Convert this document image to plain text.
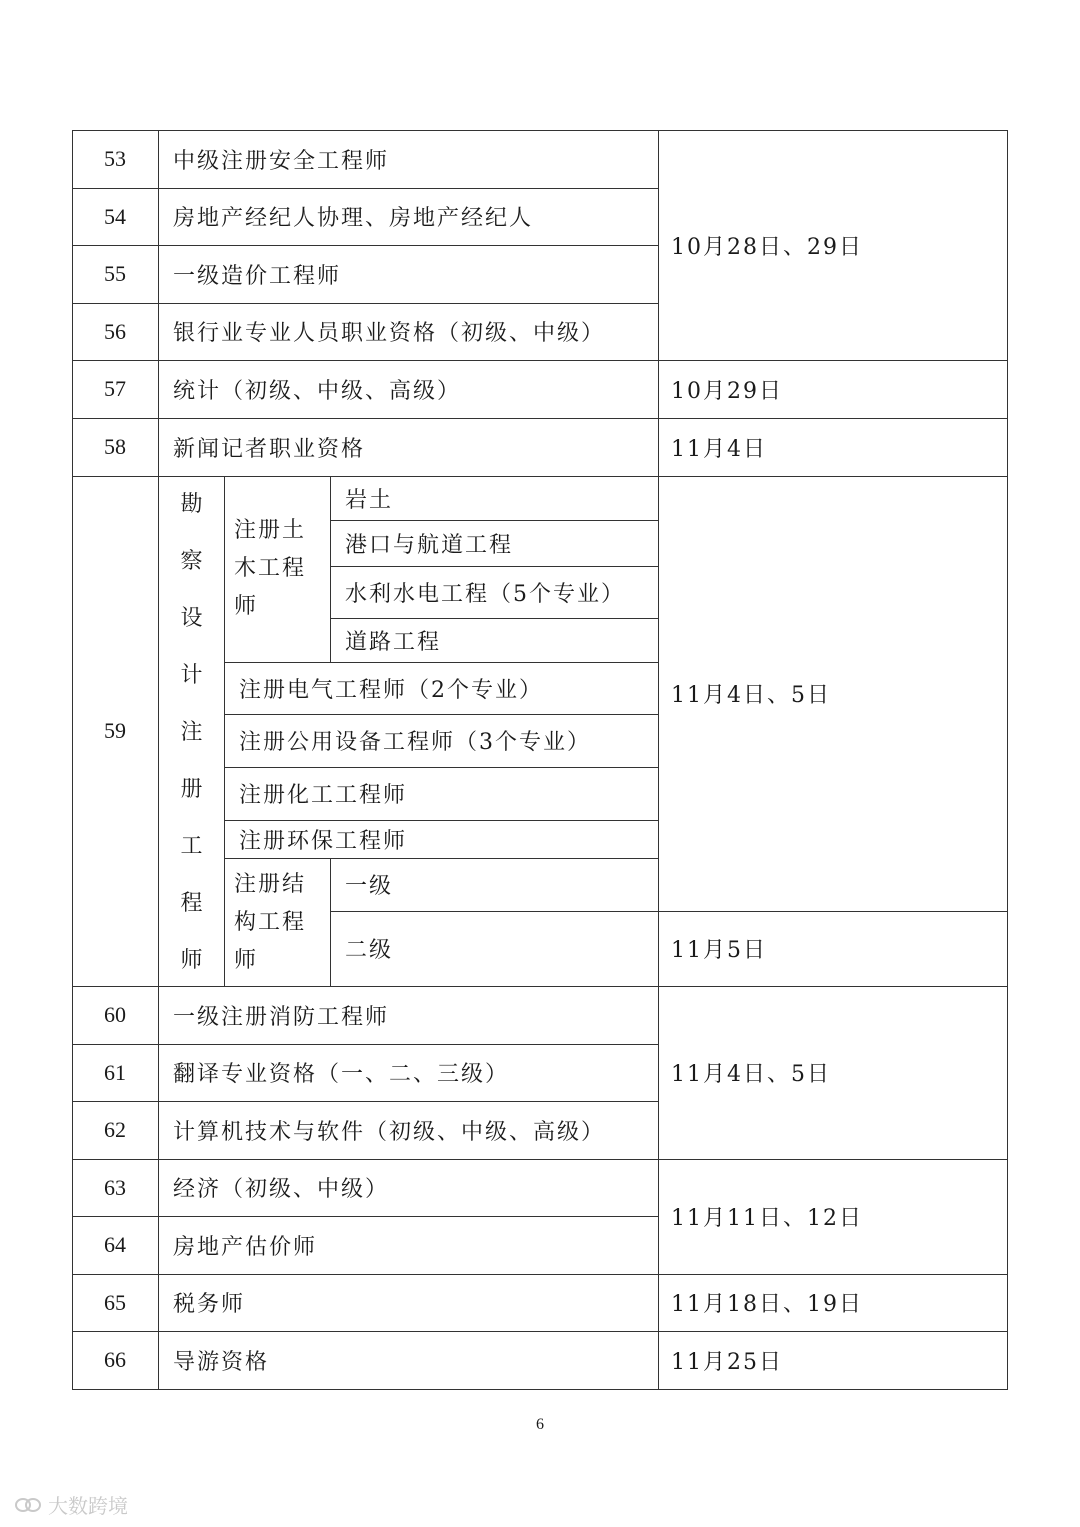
53
54
55
56
57
58
59
60
61
62
63
64
65
66
中级注册安全工程师
房地产经纪人协理、房地产经纪人
一级造价工程师
银行业专业人员职业资格（初级、中级）
统计（初级、中级、高级）
新闻记者职业资格
一级注册消防工程师
翻译专业资格（一、二、三级）
计算机技术与软件（初级、中级、高级）
经济（初级、中级）
房地产估价师
税务师
导游资格
勘
察
设
计
注
册
工
程
师
注册土木工程师
岩土
港口与航道工程
水利水电工程（5个专业）
道路工程
注册电气工程师（2个专业）
注册公用设备工程师（3个专业）
注册化工工程师
注册环保工程师
注册结构工程师
一级
二级
10月28日、29日
10月29日
11月4日
11月4日、5日
11月5日
11月4日、5日
11月11日、12日
11月18日、19日
11月25日
6
大数跨境
